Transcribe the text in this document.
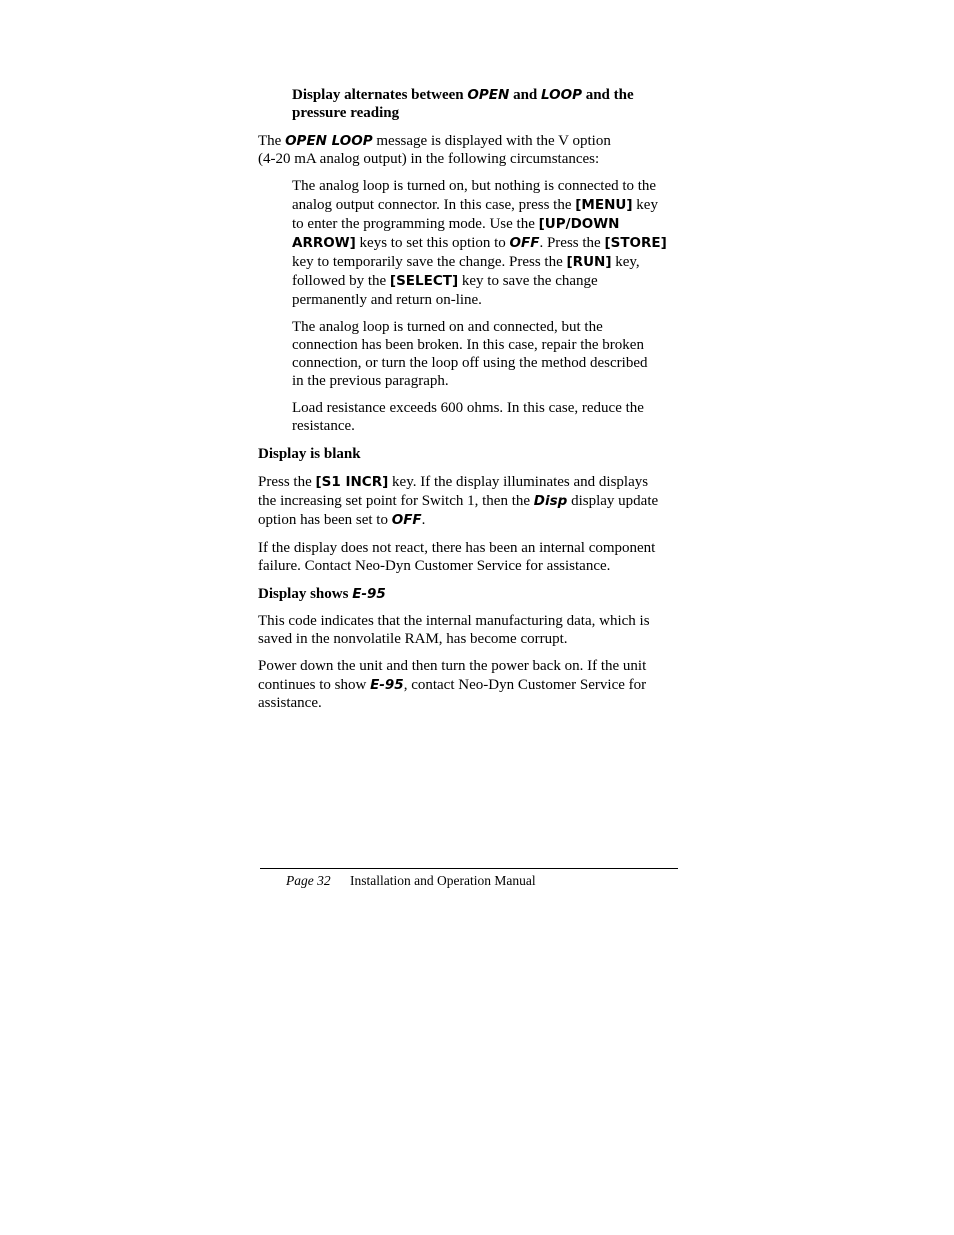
Display alternates between OPEN and LOOP and the
pressure reading
The OPEN LOOP message is displayed with the V option
(4-20 mA analog output) in the following circumstances:
The analog loop is turned on, but nothing is connected to the
analog output connector. In this case, press the [MENU] key
to enter the programming mode. Use the [UP/DOWN
ARROW] keys to set this option to OFF. Press the [STORE]
key to temporarily save the change. Press the [RUN] key,
followed by the [SELECT] key to save the change
permanently and return on-line.
The analog loop is turned on and connected, but the
connection has been broken. In this case, repair the broken
connection, or turn the loop off using the method described
in the previous paragraph.
Load resistance exceeds 600 ohms. In this case, reduce the
resistance.
Display is blank
Press the [S1 INCR] key. If the display illuminates and displays
the increasing set point for Switch 1, then the Disp display update
option has been set to OFF.
If the display does not react, there has been an internal component
failure. Contact Neo-Dyn Customer Service for assistance.
Display shows E-95
This code indicates that the internal manufacturing data, which is
saved in the nonvolatile RAM, has become corrupt.
Power down the unit and then turn the power back on. If the unit
continues to show E-95, contact Neo-Dyn Customer Service for
assistance.
Page 32 Installation and Operation Manual
